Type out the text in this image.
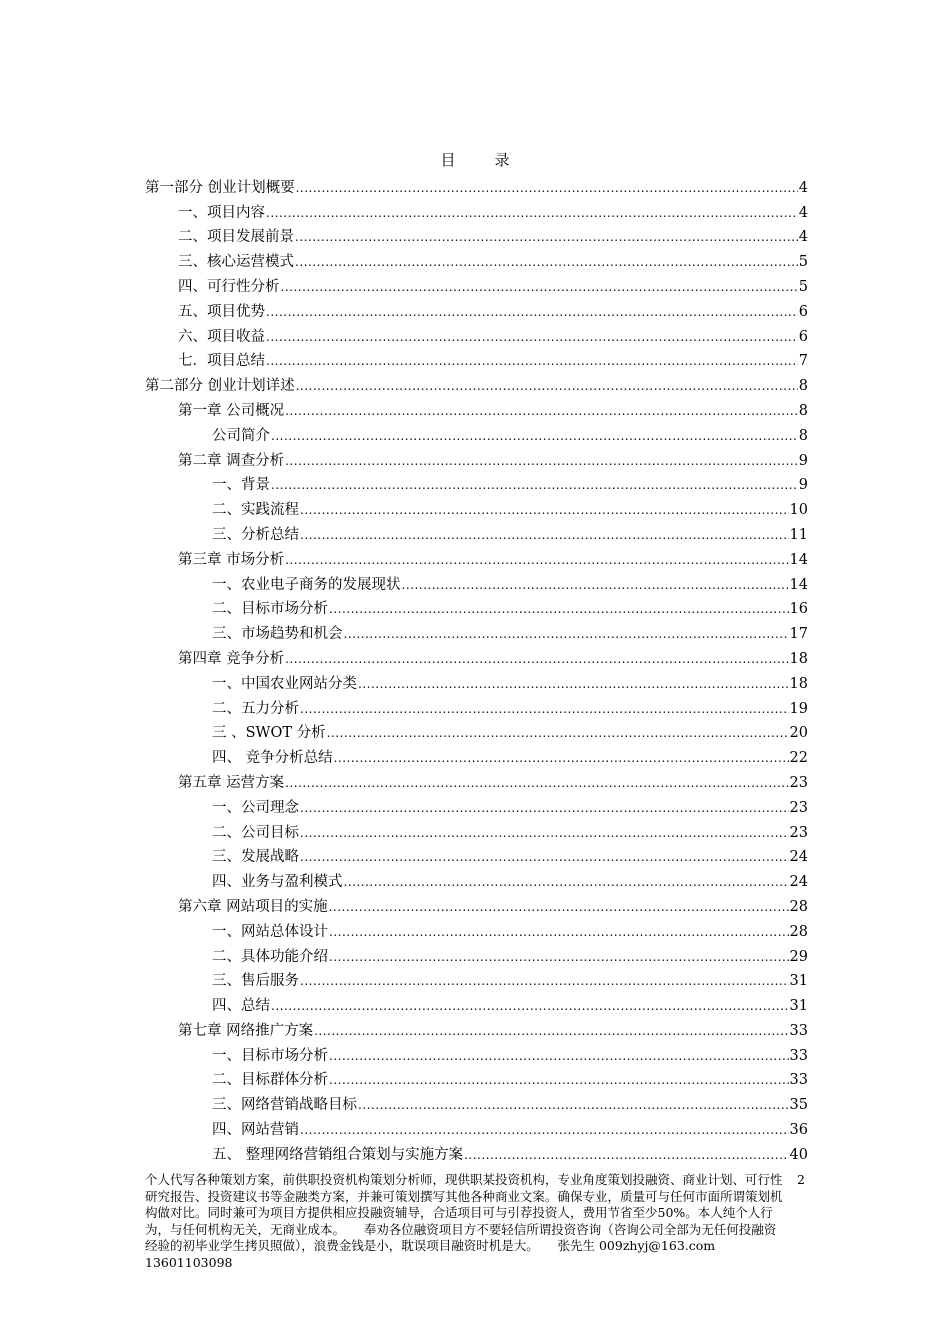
目　录
第一部分 创业计划概要 .....	4
一、项目内容 .....	4
二、项目发展前景 .....	4
三、核心运营模式 .....	5
四、可行性分析 .....	5
五、项目优势 .....	6
六、项目收益 .....	6
七．项目总结 .....	7
第二部分 创业计划详述 .....	8
第一章 公司概况 .....	8
公司简介 .....	8
第二章 调查分析 .....	9
一、背景 .....	9
二、实践流程 .....	10
三、分析总结 .....	11
第三章 市场分析 .....	14
一、农业电子商务的发展现状 .....	14
二、目标市场分析 .....	16
三、市场趋势和机会 .....	17
第四章 竞争分析 .....	18
一、中国农业网站分类 .....	18
二、五力分析 .....	19
三 、SWOT 分析 .....	20
四、 竞争分析总结 .....	22
第五章 运营方案 .....	23
一、公司理念 .....	23
二、公司目标 .....	23
三、发展战略 .....	24
四、业务与盈利模式 .....	24
第六章 网站项目的实施 .....	28
一、网站总体设计 .....	28
二、具体功能介绍 .....	29
三、售后服务 .....	31
四、总结 .....	31
第七章 网络推广方案 .....	33
一、目标市场分析 .....	33
二、目标群体分析 .....	33
三、网络营销战略目标 .....	35
四、网站营销 .....	36
五、 整理网络营销组合策划与实施方案 .....	40
个人代写各种策划方案，前供职投资机构策划分析师，现供职某投资机构，专业角度策划投融资、商业计划、可行性研究报告、投资建议书等金融类方案，并兼可策划撰写其他各种商业文案。确保专业，质量可与任何市面所谓策划机构做对比。同时兼可为项目方提供相应投融资辅导，合适项目可与引荐投资人，费用节省至少50%。本人纯个人行为，与任何机构无关，无商业成本。　　奉劝各位融资项目方不要轻信所谓投资咨询（咨询公司全部为无任何投融资经验的初毕业学生拷贝照做），浪费金钱是小，耽误项目融资时机是大。　　张先生 009zhyj@163.com 13601103098
2
